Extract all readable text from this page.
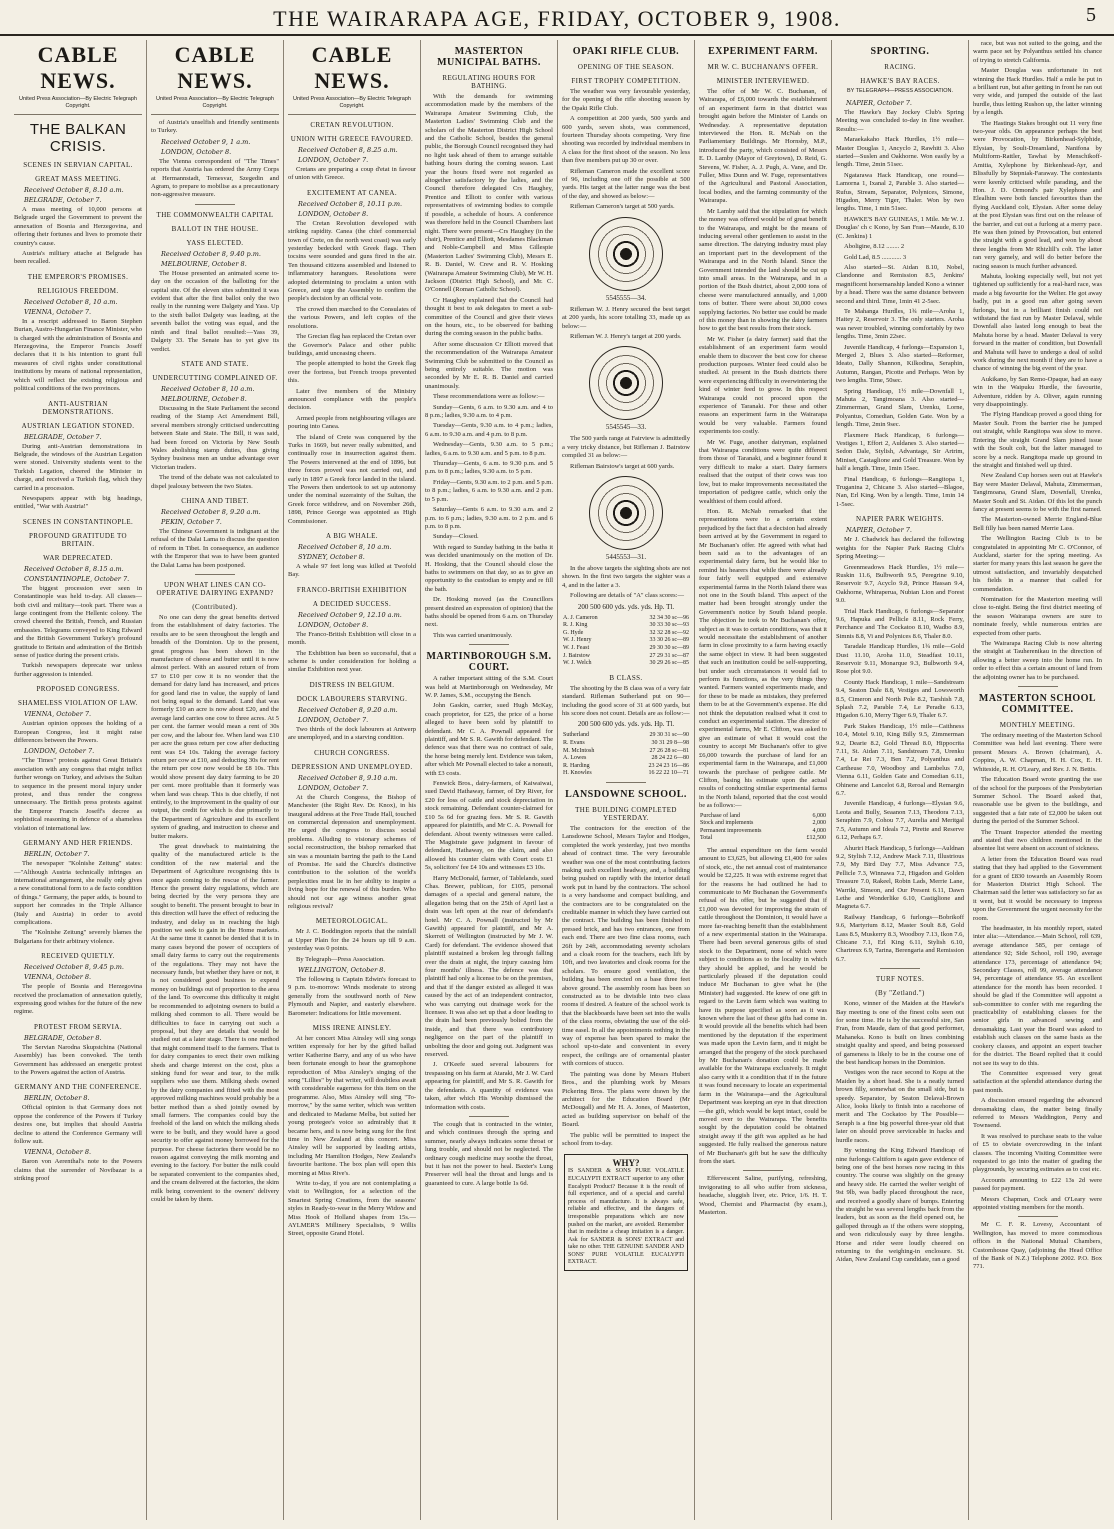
THE WAIRARAPA AGE, FRIDAY, OCTOBER 9, 1908.	5
CABLE NEWS.
United Press Association—By Electric Telegraph
Copyright.
THE BALKAN CRISIS.
SCENES IN SERVIAN CAPITAL.
GREAT MASS MEETING.
Received October 8, 8.10 a.m.
BELGRADE, October 7.

A mass meeting of 10,000 persons at Belgrade urged the Government to prevent the annexation of Bosnia and Herzegovina, and offering their fortunes and lives to promote their country's cause.

Austria's military attache at Belgrade has been recalled.

THE EMPEROR'S PROMISES.
RELIGIOUS FREEDOM.
Received October 8, 10 a.m.
VIENNA, October 7.

In a rescript addressed to Baron Stephen Burian, Austro-Hungarian Finance Minister, who is charged with the administration of Bosnia and Herzegovina, the Emperor Francis Joseff declares that it is his intention to grant full measures of civil rights under constitutional institutions by means of national representation, which will reflect the existing religious and political conditions of the two provinces.

ANTI-AUSTRIAN DEMONSTRATIONS.
AUSTRIAN LEGATION STONED.
BELGRADE, October 7.

During anti-Austrian demonstrations in Belgrade, the windows of the Austrian Legation were stoned. University students went to the Turkish Legation, cheered the Minister in charge, and received a Turkish flag, which they carried in a procession.

Newspapers appear with big headings, entitled, "War with Austria!"

SCENES IN CONSTANTINOPLE.
PROFOUND GRATITUDE TO BRITAIN.
WAR DEPRECATED.
Received October 8, 8.15 a.m.
CONSTANTINOPLE, October 7.

The biggest procession ever seen in Constantinople was held to-day. All classes—both civil and military—took part. There was a large contingent from the Hellenic colony. The crowd cheered the British, French, and Russian embassies. Telegrams conveyed to King Edward and the British Government Turkey's profound gratitude to Britain and admiration of the British sense of justice during the present crisis.

Turkish newspapers deprecate war unless further aggression is intended.

PROPOSED CONGRESS.
SHAMELESS VIOLATION OF LAW.
VIENNA, October 7.

Austrian opinion opposes the holding of a European Congress, lest it might raise differences between the Powers.

LONDON, October 7.

"The Times" protests against Great Britain's association with any congress that might inflict further wrongs on Turkey, and advises the Sultan to sequence in the present moral injury under protest, and thus render the congress unnecessary. The British press protests against the Emperor Francis Joseff's decree as sophistical reasoning in defence of a shameless violation of international law.

GERMANY AND HER FRIENDS.
BERLIN, October 7.

The newspaper "Kolnishe Zeitung" states:—"Although Austria technically infringes an international arrangement, she really only gives a new constitutional form to a de facto condition of things." Germany, the paper adds, is bound to support her comrades in the Triple Alliance (Italy and Austria) in order to avoid complications.

The "Kolnishe Zeitung" severely blames the Bulgarians for their arbitrary violence.

RECEIVED QUIETLY.
Received October 8, 9.45 p.m.
VIENNA, October 8.

The people of Bosnia and Herzegovina received the proclamation of annexation quietly, expressing good wishes for the future of the new regime.

PROTEST FROM SERVIA.
BELGRADE, October 8.

The Servian Narodna Skupstchina (National Assembly) has been convoked. The tenth Government has addressed an energetic protest to the Powers against the action of Austria.

GERMANY AND THE CONFERENCE.
BERLIN, October 8.

Official opinion is that Germany does not oppose the conference of the Powers if Turkey desires one, but implies that should Austria decline to attend the Conference Germany will follow suit.

VIENNA, October 8.

Baron von Aerenthal's note to the Powers claims that the surrender of Novibazar is a striking proof

CABLE NEWS.
United Press Association—By Electric Telegraph
Copyright.

of Austria's unselfish and friendly sentiments to Turkey.

Received October 9, 1 a.m.
LONDON, October 8.

The Vienna correspondent of "The Times" reports that Austria has ordered the Army Corps at Hermannstadt, Temesvar, Szegedin and Agram, to prepare to mobilise as a precautionary non-aggressive measure.

THE COMMONWEALTH CAPITAL
BALLOT IN THE HOUSE.
YASS ELECTED.
Received October 8, 9.40 p.m.
MELBOURNE, October 8.

The House presented an animated scene to-day on the occasion of the balloting for the capital site. Of the eleven sites submitted it was evident that after the first ballot only the two really in the running were Dalgety and Yass. Up to the sixth ballot Dalgety was leading, at the seventh ballot the voting was equal, and the ninth and final ballot resulted:—Yass 39, Dalgety 33. The Senate has to yet give its verdict.

STATE AND STATE.
UNDERCUTTING COMPLAINED OF.
Received October 8, 10 a.m.
MELBOURNE, October 8.

Discussing in the State Parliament the second reading of the Stamp Act Amendment Bill, several members strongly criticised undercutting between State and State. The Bill, it was said, had been forced on Victoria by New South Wales abolishing stamp duties, thus giving Sydney business men an undue advantage over Victorian traders.

The trend of the debate was not calculated to dispel jealousy between the two States.

CHINA AND TIBET.
Received October 8, 9.20 a.m.
PEKIN, October 7.

The Chinese Government is indignant at the refusal of the Dalai Lama to discuss the question of reform in Tibet. In consequence, an audience with the Emperor that was to have been granted the Dalai Lama has been postponed.

UPON WHAT LINES CAN CO-OPERATIVE DAIRYING EXPAND?
(Contributed).

No one can deny the great benefits derived from the establishment of dairy factories. The results are to be seen throughout the length and breadth of the Dominion. Up to the present, great progress has been shown in the manufacture of cheese and butter until it is now almost perfect. With an assured return of from £7 to £10 per cow it is no wonder that the demand for dairy land has increased, and prices for good land rise in value, the supply of land not being equal to the demand. Land that was formerly £10 an acre is now about £20, and the average land carries one cow to three acres. At 5 per cent. the farmer would mean a rent of 30s per cow, and the labour fee. When land was £10 per acre the grass return per cow after deducting rent was £4 10s. Taking the average factory return per cow at £10, and deducting 30s for rent the return per cow now would be £8 10s. This would show present day dairy farming to be 20 per cent. more profitable than it formerly was when land was cheap. This is due chiefly, if not entirely, to the improvement in the quality of our output, the credit for which is due primarily to the Department of Agriculture and its excellent system of grading, and instruction to cheese and butter makers.

The great drawback to maintaining the quality of the manufactured article is the condition of the raw material and the Department of Agriculture recognising this is once again coming to the rescue of the farmer. Hence the present dairy regulations, which are being decried by the very persons they are sought to benefit. The present brought to bear in this direction will have the effect of reducing the industry, and delay us in reaching the high position we seek to gain in the Home markets. At the same time it cannot be denied that it is in many cases beyond the power of occupiers of small dairy farms to carry out the requirements of the regulations. They may not have the necessary funds, but whether they have or not, it is not considered good business to expend money on buildings out of proportion to the area of the land. To overcome this difficulty it might be recommended to adjoining owners to build a milking shed common to all. There would be difficulties to face in carrying out such a proposal, but they are details that would be studied out at a later stage. There is one method that might commend itself to the farmers. That is for dairy companies to erect their own milking sheds and charge interest on the cost, plus a sinking fund for wear and tear, to the milk suppliers who use them. Milking sheds owned by the dairy companies and fitted with the most approved milking machines would probably be a better method than a shed jointly owned by small farmers. The companies could buy the freehold of the land on which the milking sheds were to be built, and they would have a good security to offer against money borrowed for the purpose. For cheese factories there would be no reason against conveying the milk morning and evening to the factory. For butter the milk could be separated convenient to the companies shed, and the cream delivered at the factories, the skim milk being convenient to the owners' delivery could be taken by them.

CABLE NEWS.
United Press Association—By Electric Telegraph
Copyright.
CRETAN REVOLUTION.
UNION WITH GREECE FAVOURED.
Received October 8, 8.25 a.m.
LONDON, October 7.

Cretans are preparing a coup d'etat in favour of union with Greece.

EXCITEMENT AT CANEA.
Received October 8, 10.11 p.m.
LONDON, October 8.

The Cretan Revolution developed with striking rapidity. Canea (the chief commercial town of Crete, on the north west coast) was early yesterday bedecked with Greek flags. Then tocsins were sounded and guns fired in the air. Ten thousand citizens assembled and listened to inflammatory harangues. Resolutions were adopted determining to proclaim a union with Greece, and urge the Assembly to confirm the people's decision by an official vote.

The crowd then marched to the Consulates of the various Powers, and left copies of the resolutions.

The Grecian flag has replaced the Cretan over the Governor's Palace and other public buildings, amid unceasing cheers.

The people attempted to hoist the Greek flag over the fortress, but French troops prevented this.

Later five members of the Ministry announced compliance with the people's decision.

Armed people from neighbouring villages are pouring into Canea.

The island of Crete was conquered by the Turks in 1669, but never really submitted, and continually rose in insurrection against them. The Powers intervened at the end of 1896, but three forces proved was not carried out, and early in 1897 a Greek force landed in the island. The Powers then undertook to set up autonomy under the nominal suzerainty of the Sultan, the Greek force withdrew, and on November 26th, 1898, Prince George was appointed as High Commissioner.

A BIG WHALE.
Received October 8, 10 a.m.
SYDNEY, October 8.

A whale 97 feet long was killed at Twofold Bay.

FRANCO-BRITISH EXHIBITION
A DECIDED SUCCESS.
Received October 9, 12.10 a.m.
LONDON, October 8.

The Franco-British Exhibition will close in a month.

The Exhibition has been so successful, that a scheme is under consideration for holding a similar Exhibition next year.

DISTRESS IN BELGIUM.
DOCK LABOURERS STARVING.
Received October 8, 9.20 a.m.
LONDON, October 7.

Two thirds of the dock labourers at Antwerp are unemployed, and in a starving condition.

CHURCH CONGRESS.
DEPRESSION AND UNEMPLOYED.
Received October 8, 9.10 a.m.
LONDON, October 7.

At the Church Congress, the Bishop of Manchester (the Right Rev. Dr. Knox), in his inaugural address at the Free Trade Hall, touched on commercial depression and unemployment. He urged the congress to discuss social problems. Alluding to visionary schemes of social reconstruction, the bishop remarked that sin was a mountain barring the path to the Land of Promise. He said the Church's distinctive contribution to the solution of the world's perplexities must lie in her ability to inspire a living hope for the renewal of this burden. Who should not our age witness another great religious revival?

METEOROLOGICAL.

Mr J. C. Boddington reports that the rainfall at Upper Plain for the 24 hours up till 9 a.m. yesterday was 0 points.

By Telegraph—Press Association.

WELLINGTON, October 8.

The following is Captain Edwin's forecast to 9 p.m. to-morrow: Winds moderate to strong generally from the southward north of New Plymouth and Napier, and easterly elsewhere. Barometer: Indications for little movement.

MISS IRENE AINSLEY.

At her concert Miss Ainsley will sing songs written expressly for her by the gifted ballad writer Katherine Barry, and any of us who have been fortunate enough to hear the gramophone reproduction of Miss Ainsley's singing of the song "Lillies" by that writer, will doubtless await with considerable eagerness for this item on the programme. Also, Miss Ainsley will sing "To-morrow," by the same writer, which was written and dedicated to Madame Melba, but suited her young protegee's voice so admirably that it became hers, and is now being sung for the first time in New Zealand at this concert. Miss Ainsley will be supported by leading artists, including Mr Hamilton Hodges, New Zealand's favourite baritone. The box plan will open this morning at Miss Rive's.

Write to-day, if you are not contemplating a visit to Wellington, for a selection of the Smartest Spring Creations, from the seasons' styles in Ready-to-wear in the Merry Widow and Miss Hook of Holland shapes from 15s.—AYLMER'S Millinery Specialists, 9 Willis Street, opposite Grand Hotel.

MASTERTON MUNICIPAL BATHS.
REGULATING HOURS FOR BATHING.

With the demands for swimming accommodation made by the members of the Wairarapa Amateur Swimming Club, the Masterton Ladies' Swimming Club and the scholars of the Masterton District High School and the Catholic School, besides the general public, the Borough Council recognised they had no light task ahead of them to arrange suitable bathing hours during the coming season. Last year the hours fixed were not regarded as altogether satisfactory by the ladies, and the Council therefore delegated Crs Haughey, Prentice and Elliott to confer with various representatives of swimming bodies to compile if possible, a schedule of hours. A conference was therefore held in the Council Chambers last night. There were present—Crs Haughey (in the chair), Prentice and Elliott, Mesdames Blackman and Noble-Campbell and Miss Gillespie (Masterton Ladies' Swimming Club), Messrs E. R. B. Daniel, W. Crew and R. V. Hosking (Wairarapa Amateur Swimming Club), Mr W. H. Jackson (District High School), and Mr. C. O'Connell (Roman Catholic School).

Cr Haughey explained that the Council had thought it best to ask delegates to meet a sub-committee of the Council and give their views on the hours, etc., to be observed for bathing during the coming season in the public baths.

After some discussion Cr Elliott moved that the recommendation of the Wairarapa Amateur Swimming Club be submitted to the Council as being entirely suitable. The motion was seconded by Mr E. R. B. Daniel and carried unanimously.

These recommendations were as follow:—

Sunday—Gents, 6 a.m. to 9.30 a.m. and 4 to 8 p.m.; ladies, 9.30 a.m. to 4 p.m.

Tuesday—Gents, 9.30 a.m. to 4 p.m.; ladies, 6 a.m. to 9.30 a.m. and 4 p.m. to 8 p.m.

Wednesday—Gents, 9.30 a.m. to 5 p.m.; ladies, 6 a.m. to 9.30 a.m. and 5 p.m. to 8 p.m.

Thursday—Gents, 6 a.m. to 9.30 p.m. and 5 p.m. to 8 p.m.; ladies, 9.30 a.m. to 5 p.m.

Friday—Gents, 9.30 a.m. to 2 p.m. and 5 p.m. to 8 p.m.; ladies, 6 a.m. to 9.30 a.m. and 2 p.m. to 5 p.m.

Saturday—Gents 6 a.m. to 9.30 a.m. and 2 p.m. to 6 p.m.; ladies, 9.30 a.m. to 2 p.m. and 6 p.m. to 8 p.m.

Sunday—Closed.

With regard to Sunday bathing in the baths it was decided unanimously on the motion of Dr. H. Hosking, that the Council should close the baths to swimmers on that day, so as to give an opportunity to the custodian to empty and re fill the bath.

Dr. Hosking moved (as the Councillors present desired an expression of opinion) that the baths should be opened from 6 a.m. on Thursday next.

This was carried unanimously.

MARTINBOROUGH S.M. COURT.

A rather important sitting of the S.M. Court was held at Martinborough on Wednesday, Mr W. P. James, S.M., occupying the Bench.

John Gaskin, carrier, sued Hugh McKay, coach proprietor, for £25, the price of a horse alleged to have been sold by plaintiff to defendant. Mr C. A. Pownall appeared for plaintiff, and Mr S. R. Gawith for defendant. The defence was that there was no contract of sale, the horse being merely lent. Evidence was taken, after which Mr Pownall elected to take a nonsuit, with £3 costs.

Fenwick Bros., dairy-farmers, of Kaiwaiwai, sued David Hathaway, farmer, of Dry River, for £20 for loss of cattle and stock depreciation in stock remaining. Defendant counter-claimed for £10 5s 6d for grazing fees. Mr S. R. Gawith appeared for plaintiffs, and Mr C. A. Pownall for defendant. About twenty witnesses were called. The Magistrate gave judgment in favour of defendant, Hathaway, on the claim, and also allowed his counter claim with Court costs £1 5s, solicitors' fee £4 10s and witnesses £3 10s.

Harry McDonald, farmer, of Tablelands, sued Chas. Brewer, publican, for £105, personal damages of a special and general nature, the allegation being that on the 25th of April last a drain was left open at the rear of defendant's hotel. Mr C. A. Pownall (instructed by Mr Gawith) appeared for plaintiff, and Mr A. Skerrett of Wellington (instructed by Mr J. W. Card) for defendant. The evidence showed that plaintiff sustained a broken leg through falling over the drain at night, the injury causing him four months' illness. The defence was that plaintiff had only a license to be on the premises, and that if the danger existed as alleged it was caused by the act of an independent contractor, who was carrying out drainage work for the licensee. It was also set up that a door leading to the drain had been previously bolted from the inside, and that there was contributory negligence on the part of the plaintiff in unbolting the door and going out. Judgment was reserved.

J. O'Keefe sued several labourers for trespassing on his farm at Ataraki, Mr J. W. Card appearing for plaintiff, and Mr S. R. Gawith for the defendants. A quantity of evidence was taken, after which His Worship dismissed the information with costs.

The cough that is contracted in the winter, and which continues through the spring and summer, nearly always indicates some throat or lung trouble, and should not be neglected. The ordinary cough medicine may soothe the throat, but it has not the power to heal. Baxter's Lung Preserver will heal the throat and lungs and is guaranteed to cure. A large bottle 1s 6d.

OPAKI RIFLE CLUB.
OPENING OF THE SEASON.
FIRST TROPHY COMPETITION.

The weather was very favourable yesterday, for the opening of the rifle shooting season by the Opaki Rifle Club.

A competition at 200 yards, 500 yards and 600 yards, seven shots, was commenced, fourteen Thursday shoots competing. Very fine shooting was recorded by individual members in A class for the first shoot of the season. No less than five members put up 30 or over.

Rifleman Cameron made the excellent score of 96, including one off the possible at 500 yards. His target at the latter range was the best of the day, and showed as below:—

Rifleman Cameron's target at 500 yards.

5545555—34.

Rifleman W. J. Henry secured the best target at 200 yards, his score totalling 33, made up as below:—

Rifleman W. J. Henry's target at 200 yards.

5545545—33.

The 500 yards range at Fairview is admittedly a very tricky distance, but Rifleman J. Bairstow compiled 31 as below:—

Rifleman Bairstow's target at 600 yards.

5445553—31.

In the above targets the sighting shots are not shown. In the first two targets the sighter was a 4, and in the latter a 3.

Following are details of "A" class scores:—

200 500 600 yds. yds. yds. Hp. Tl.
A. J. Cameron	32 34 30 sc—96
R. J. King	30 33 30 sc—93
G. Hyde	32 32 28 sc—92
W. J. Henry	33 30 26 sc—89
W. J. Feast	29 30 30 sc—89
J. Bairstow	27 29 31 sc—87
W. J. Welch	30 29 26 sc—85
B CLASS.

The shooting by the B class was of a very fair standard. Rifleman Sutherland put on 90—including the good score of 31 at 600 yards, but his score does not count. Details are as follow:—

200 500 600 yds. yds. yds. Hp. Tl.
Sutherland	29 30 31 sc—90
R. Evans	30 31 29 8—98
M. McIntosh	27 26 28 sc—81
A. Lowes	28 24 22 6—80
R. Harding	23 24 23 16—86
H. Knowles	16 22 22 10—71
LANSDOWNE SCHOOL.
THE BUILDING COMPLETED YESTERDAY.

The contractors for the erection of the Lansdowne School, Messrs Taylor and Hodges, completed the work yesterday, just two months ahead of contract time. The very favourable weather was one of the most contributing factors making such excellent headway, and, a building being pushed on rapidly with the interior detail work put in hand by the contractors. The school is a very handsome and compact building, and the contractors are to be congratulated on the creditable manner in which they have carried out the contract. The building has been finished in pressed brick, and has two entrances, one from each end. There are two fine class rooms, each 26ft by 24ft, accommodating seventy scholars and a cloak room for the teachers, each lift by 10ft, and two lavatories and cloak rooms for the scholars. To ensure good ventilation, the building has been erected on a base three feet above ground. The assembly room has been so constructed as to be divisible into two class rooms if desired. A feature of the school work is that the blackboards have been set into the walls of the class rooms, obviating the use of the old-time easel. In all the appointments nothing in the way of expense has been spared to make the school up-to-date and convenient in every respect, the ceilings are of ornamental plaster with cornices of stucco.

The painting was done by Messrs Hubert Bros., and the plumbing work by Messrs Pickering Bros. The plans were drawn by the architect for the Education Board (Mr McDougall) and Mr H. A. Jones, of Masterton, acted as building supervisor on behalf of the Board.

The public will be permitted to inspect the school from to-day.

WHY?
IS SANDER & SONS PURE VOLATILE EUCALYPTI EXTRACT superior to any other Eucalypti Product? Because it is the result of full experience, and of a special and careful process of manufacture. It is always safe, reliable and effective, and the dangers of irresponsible preparations which are now pushed on the market, are avoided. Remember that in medicine a cheap imitation is a danger. Ask for SANDER & SONS' EXTRACT and take no other. THE GENUINE SANDER AND SONS' PURE VOLATILE EUCALYPTI EXTRACT.
EXPERIMENT FARM.
MR W. C. BUCHANAN'S OFFER.
MINISTER INTERVIEWED.

The offer of Mr W. C. Buchanan, of Wairarapa, of £6,000 towards the establishment of an experiment farm in that district was brought again before the Minister of Lands on Wednesday. A representative deputation interviewed the Hon. R. McNab on the Parliamentary Buildings. Mr Hornsby, M.P., introduced the party, which consisted of Messrs E. D. Lamby (Mayor of Greytown), D. Reid, G. Stevens, W. Fisher, A. J. Pugh, A. Vane, and Dr. Fuller, Miss Dunn and W. Fuge, representatives of the Agricultural and Pastoral Association, local bodies, and the farming community of the Wairarapa.

Mr Lamby said that the stipulation for which the money was offered would be of great benefit to the Wairarapa, and might be the means of inducing several other gentlemen to assist in the same direction. The dairying industry must play an important part in the development of the Wairarapa and in the North Island. Since the Government intended the land should be cut up into small areas. In the Wairarapa, and in a portion of the Bush district, about 2,000 tons of cheese were manufactured annually, and 1,000 tons of butter. There were about 30,000 cows supplying factories. No better use could be made of this money than in showing the dairy farmers how to get the best results from their stock.

Mr W. Fisher (a dairy farmer) said that the establishment of an experiment farm would enable them to discover the best cow for cheese production purposes. Winter feed could also be studied. At present in the Bush districts there were experiencing difficulty in overwintering the kind of winter feed to grow. In this respect Wairarapa could not proceed upon the experience of Taranaki. For these and other reasons an experiment farm in the Wairarapa would be very valuable. Farmers found experiments too costly.

Mr W. Fuge, another dairyman, explained that Wairarapa conditions were quite different from those of Taranaki, and a beginner found it very difficult to make a start. Dairy farmers realised that the output of their cows was too low, but to make improvements necessitated the importation of pedigree cattle, which only the wealthiest of them could afford.

Hon. R. McNab remarked that the representations were to a certain extent prejudiced by the fact that a decision had already been arrived at by the Government in regard to Mr Buchanan's offer. He agreed with what had been said as to the advantages of an experimental dairy farm, but he would like to remind his hearers that while there were already four fairly well equipped and extensive experimental farms in the North Island there was not one in the South Island. This aspect of the matter had been brought strongly under the Government's notice by South Island people. The objection he took to Mr Buchanan's offer, subject as it was to certain conditions, was that it would necessitate the establishment of another farm in close proximity to a farm having exactly the same object in view. It had been suggested that such an institution could be self-supporting, but under such circumstances it would fail to perform its functions, as the very things they wanted. Farmers wanted experiments made, and for these to be made as mistakes, they preferred them to be at the Government's expense. He did not think the deputation realised what it cost to conduct an experimental station. The director of experimental farms, Mr E. Clifton, was asked to give an estimate of what it would cost the country to accept Mr Buchanan's offer to give £6,000 towards the purchase of land for an experimental farm in the Wairarapa, and £1,000 towards the purchase of pedigree cattle. Mr Clifton, basing his estimate upon the actual results of conducting similar experimental farms in the North Island, reported that the cost would be as follows:—

Purchase of land	6,000
Stock and implements	2,000
Permanent improvements	4,000
Total	£12,500

The annual expenditure on the farm would amount to £3,625, but allowing £1,400 for sales of stock, etc., the net annual cost of maintenance would be £2,225. It was with extreme regret that for the reasons he had outlined he had to communicate to Mr Buchanan the Government's refusal of his offer, but he suggested that if £1,000 was devoted for improving the strain of cattle throughout the Dominion, it would have a more far-reaching benefit than the establishment of a new experimental station in the Wairarapa. There had been several generous gifts of stud stock to the Department, none of which were subject to conditions as to the locality in which they should be applied, and he would be particularly pleased if the deputation could induce Mr Buchanan to give what he (the Minister) had suggested. He knew of one gift in regard to the Levin farm which was waiting to have its purpose specified as soon as it was known where the last of these gifts had come in. It would provide all the benefits which had been mentioned by the deputation if the experiment was made upon the Levin farm, and it might be arranged that the progeny of the stock purchased by Mr Buchanan's donation could be made available for the Wairarapa exclusively. It might also carry with it a condition that if in the future it was found necessary to locate an experimental farm in the Wairarapa—and the Agricultural Department was keeping an eye in that direction—the gift, which would be kept intact, could be moved over to the Wairarapa. The benefits sought by the deputation could be obtained straight away if the gift was applied as he had suggested. He fully realised the generous nature of Mr Buchanan's gift but he saw the difficulty from the start.

Effervescent Saline, purifying, refreshing, invigorating to all who suffer from sickness, headache, sluggish liver, etc. Price, 1/6. H. T. Wood, Chemist and Pharmacist (by exam.), Masterton.

SPORTING.
RACING.
HAWKE'S BAY RACES.
BY TELEGRAPH—PRESS ASSOCIATION.
NAPIER, October 7.

The Hawke's Bay Jockey Club's Spring Meeting was concluded to-day in fine weather. Results:—

Maraekakaho Hack Hurdles, 1½ mile—Master Douglas 1, Ancyclo 2, Rawhiti 3. Also started—Suslen and Oakhorne. Won easily by a length. Time, 2min 51sec.

Ngatarawa Hack Handicap, one round—Lamorna 1, Ixanal 2, Parable 3. Also started—Rufus, Stream, Separator, Polynices, Simone, Higadon, Merry Tiger, Thaler. Won by two lengths. Time, 1 min 51sec.

HAWKE'S BAY GUINEAS, 1 Mile. Mr W. J. Douglas' ch c Kono, by San Fran—Maude, 8.10 (C. Jenkins) 1

Aboligine, 8.12 ........ 2

Gold Lad, 8.5 ............ 3

Also started—St. Aidan 8.10, Nobel, Clandonne and Remission 8.5, Jenkins' magnificent horsemanship landed Kono a winner by a head. There was the same distance between second and third. Time, 1min 41 2-5sec.

Te Mahanga Hurdles, 1¾ mile—Aroha 1, Haitey 2, Reservoir 3. The only starters. Aroha was never troubled, winning comfortably by two lengths. Time, 3min 22sec.

Juvenile Handicap, 4 furlongs—Expansion 1, Merged 2, Blues 3. Also started—Reformer, Ideato, Dally Shannon, Kilkodina, Seraphin, Autumn, Rangan, Picotte and Perhaps. Won by two lengths. Time, 50sec.

Spring Handicap, 1½ mile—Downfall 1, Mahuta 2, Tangimoana 3. Also started—Zimmerman, Grand Slam, Urenku, Lorne, Polyantus, Comedian, Golden Gate. Won by a length. Time, 2min 9sec.

Flaxmere Hack Handicap, 6 furlongs—Vestiges 1, Effort 2, Auldanes 3. Also started—Sedon Dale, Stylish, Advantage, Sir Artrim, Miniset, Castaglione and Gold Treasure. Won by half a length. Time, 1min 15sec.

Final Handicap, 6 furlongs—Rangitopa 1, Truganina 2, Chicane 3. Also started—Blagoe, Nan, Erl King. Won by a length. Time, 1min 14 1-5sec.

NAPIER PARK WEIGHTS.
NAPIER, October 7.

Mr J. Chadwick has declared the following weights for the Napier Park Racing Club's Spring Meeting:—

Greenmeadows Hack Hurdles, 1½ mile—Ruskin 11.6, Bulbworth 9.5, Peregrine 9.10, Reservoir 9.7, Acyclo 9.8, Prince Hassan 9.4, Oakhorne, Whiraperua, Nubian Lion and Forest 9.0.

Trial Hack Handicap, 6 furlongs—Separator 9.6, Hapuka and Pellicle 8.11, Rock Ferry, Perchance and The Cockatoo 8.10, Wadbo 8.9, Simnis 8.8, Vi and Polynices 8.6, Thaler 8.0.

Taradale Handicap Hurdles, 1¾ mile—Gold Dust 11.10, Aroha 11.0, Steadfast 10.11, Reservoir 9.11, Monarque 9.3, Bulbworth 9.4, Rose plot 9.0.

County Hack Handicap, 1 mile—Sandstream 9.4, Seaton Dale 8.8, Vestiges and Lowsworth 8.5, Cimeron and North Pole 8.2, Tarshish 7.8, Splash 7.2, Parable 7.4, Le Peradie 6.13, Higadon 6.10, Merry Tiger 6.9, Thaler 6.7.

Park Stakes Handicap, 1½ mile—Caithness 10.4, Motel 9.10, King Billy 9.5, Zimmerman 9.2, Dearie 8.2, Gold Thread 8.0, Hippocrita 7.11, St. Aidan 7.11, Sandstream 7.8, Urenku 7.4, Le Rei 7.3, Ben 7.2, Polyanthus and Cartheuse 7.0, Woodboy and Lambelus 7.0, Vienna 6.11, Golden Gate and Comedian 6.11, Ohinene and Lancelot 6.8, Reroal and Remargin 6.7.

Juvenile Handicap, 4 furlongs—Elysian 9.6, Leota and Bully, Seaanon 7.13, Theodora 7.13, Seraphim 7.9, Cohou 7.7, Aurelia and Meritgal 7.5, Autumn and Ideals 7.2, Pirette and Reserve 6.12, Perhaps 6.7.

Ahuriri Hack Handicap, 5 furlongs—Auldnan 9.2, Stylish 7.12, Andrew Mack 7.11, Illustrious 7.9, My Bird Day 7.7, Miss Advance 7.5, Pellicle 7.3, Winnawa 7.2, Higadon and Golden Treasure 7.0, Rakeel, Robin Lads, Merrie Lane, Warriki, Simeon, and Our Present 6.11, Dawn Lethe and Wonderlike 6.10, Castiglione and Magneta 6.7.

Railway Handicap, 6 furlongs—Bobrikoff 9.6, Martyrium 8.12, Master Soult 8.8, Gold Lass 8.5, Muskerry 8.3, Woodboy 7.13, Ikon 7.6, Chicane 7.1, Erl King 6.11, Stylish 6.10, Chartreux 6.9, Tarina, Berengaria and Remission 6.7.

TURF NOTES.
(By "Zetland.")

Kono, winner of the Maiden at the Hawke's Bay meeting is one of the finest colts seen out for some time. He is by the successful sire, San Fran, from Maude, dam of that good performer, Mahaneka. Kono is built on lines combining straight quality and speed, and being possessed of gameness is likely to be in the course one of the best handicap horses in the Dominion.

Vestiges won the race second to Kopu at the Maiden by a short head. She is a neatly turned brown filly, somewhat on the small side, but is speedy. Separator, by Seaton Delaval-Brown Alice, looks likely to finish into a racehorse of merit and The Cockatoo by The Possible—Seraph is a fine big powerful three-year old that later on should prove serviceable in hacks and hurdle races.

By winning the King Edward Handicap of nine furlongs Caltiforn is again gave evidence of being one of the best horses now racing in this country. The course was slightly on the greasy and heavy side. He carried the welter weight of 9st 9lb, was badly placed throughout the race, and received a goodly share of bumps. Entering the straight he was several lengths back from the leaders, but as soon as the field opened out, he galloped through as if the others were stopping, and won ridiculously easy by three lengths. Horse and rider were loudly cheered on returning to the weighing-in enclosure. St. Aidan, New Zealand Cup candidate, ran a good

race, but was not suited to the going, and the warm pace set by Polyanthus settled his chance of trying to stretch California.

Master Douglas was unfortunate in not winning the Hack Hurdles. Half a mile he put in a brilliant run, but after getting in front he ran out very wide, and jumped the outside of the last hurdle, thus letting Rushon up, the latter winning by a length.

The Hastings Stakes brought out 11 very fine two-year olds. On appearance perhaps the best were Provocation, by Birkenhead-Sylphide, Elysian, by Soult-Dreamland, Nanifona by Multiform-Rattler, Tawhai by Menschikoff-Amitia, Xylephone by Birkenhead-Ayr, and Blissfully by Stepniak-Faraway. The contestants were keenly criticised while parading, and the Hon. J. D. Ormond's pair Xylephone and Elealhim were both fancied favourites than the flying Auckland colt, Elysian. After some delay at the post Elysian was first out on the release of the barrier, and cut out a furlong at a merry pace. He was then joined by Provocation, but entered the straight with a good lead, and won by about three lengths from Mr Rhizlill's colt. The latter ran very gamely, and will do better before the racing season is much further advanced.

Mahuta, looking especially well, but not yet tightened up sufficiently for a real-hard race, was made a big favourite for the Welter. He got away badly, put in a good run after going seven furlongs, but in a brilliant finish could not withstand the fast run by Master Delaval, while Downfall also lasted long enough to beat the Mahuta horse by a head. Master Delaval is very forward in the matter of condition, but Downfall and Mahuta will have to undergo a deal of solid work during the next month if they are to have a chance of winning the big event of the year.

Aukikano, by San Remo-Opaque, had an easy win in the Waipuku Hurdle, the favourite, Adventure, ridden by A. Oliver, again running very disappointingly.

The Flying Handicap proved a good thing for Master Soult. From the barrier rise he jumped out straight, while Rangitopa was slow to move. Entering the straight Grand Slam joined issue with the Soult colt, but the latter managed to score by a neck. Rangitopa made up ground in the straight and finished well up third.

New Zealand Cup horses seen out at Hawke's Bay were Master Delaval, Mahuta, Zimmerman, Tangimoana, Grand Slam, Downfall, Urenku, Master Soult and St. Aidan. Of this lot the punch fancy at present seems to be with the first named.

The Masterton-owned Merrie England-Blue Bell filly has been named Merrie Lass.

The Wellington Racing Club is to be congratulated in appointing Mr C. O'Connor, of Auckland, starter for the spring meeting. As starter for many years this last season he gave the utmost satisfaction, and invariably despatched his fields in a manner that called for commendation.

Nomination for the Masterton meeting will close to-night. Being the first district meeting of the season Wairarapa owners are sure to nominate freely, while numerous entries are expected from other parts.

The Wairarapa Racing Club is now altering the straight at Tauherenikau in the direction of allowing a better sweep into the home run. In order to effect this a certain amount of land from the adjoining owner has to be purchased.

MASTERTON SCHOOL COMMITTEE.
MONTHLY MEETING.

The ordinary meeting of the Masterton School Committee was held last evening. There were present Messrs A. Brown (chairman), A. Coppins, A. W. Chapman, H. H. Cox, E. H. Whiteside, R. H. O'Leary, and Rev. J. N. Bettis.

The Education Board wrote granting the use of the school for the purposes of the Presbyterian Summer School. The Board asked that, reasonable use be given to the buildings, and suggested that a fair rate of £2,000 be taken out during the period of the Summer School.

The Truant Inspector attended the meeting and stated that two children mentioned in the absentee list were absent on account of sickness.

A letter from the Education Board was read stating that they had applied to the Government for a grant of £830 towards an Assembly Room for Masterton District High School. The Chairman said the letter was satisfactory so far as it went, but it would be necessary to impress upon the Government the urgent necessity for the room.

The headmaster, in his monthly report, stated inter alia:—Attendance.—Main School, roll 639, average attendance 585, per centage of attendance 92; Side School, roll 190, average attendance 173, percentage of attendance 94; Secondary Classes, roll 99, average attendance 94, percentage of attendance 95. An excellent attendance for the month has been recorded. I should be glad if the Committee will appoint a sub-committee to confer with me regarding the practicability of establishing classes for the senior girls in advanced sewing and dressmaking. Last year the Board was asked to establish such classes on the same basis as the cookery classes, and appoint an expert teacher for the district. The Board replied that it could not see its way to do this.

The Committee expressed very great satisfaction at the splendid attendance during the past month.

A discussion ensued regarding the advanced dressmaking class, the matter being finally referred to Messrs Waddington, Perry and Townsend.

It was resolved to purchase seats to the value of £5 to obviate overcrowding in the infant classes. The incoming Visiting Committee were requested to go into the matter of grading the playgrounds, by securing estimates as to cost etc.

Accounts amounting to £22 13s 2d were passed for payment.

Messrs Chapman, Cock and O'Leary were appointed visiting members for the month.

Mr C. F. R. Lovesy, Accountant of Wellington, has moved to more commodious offices in the National Mutual Chambers, Customhouse Quay, (adjoining the Head Office of the Bank of N.Z.) Telephone 2002. P.O. Box 771.
